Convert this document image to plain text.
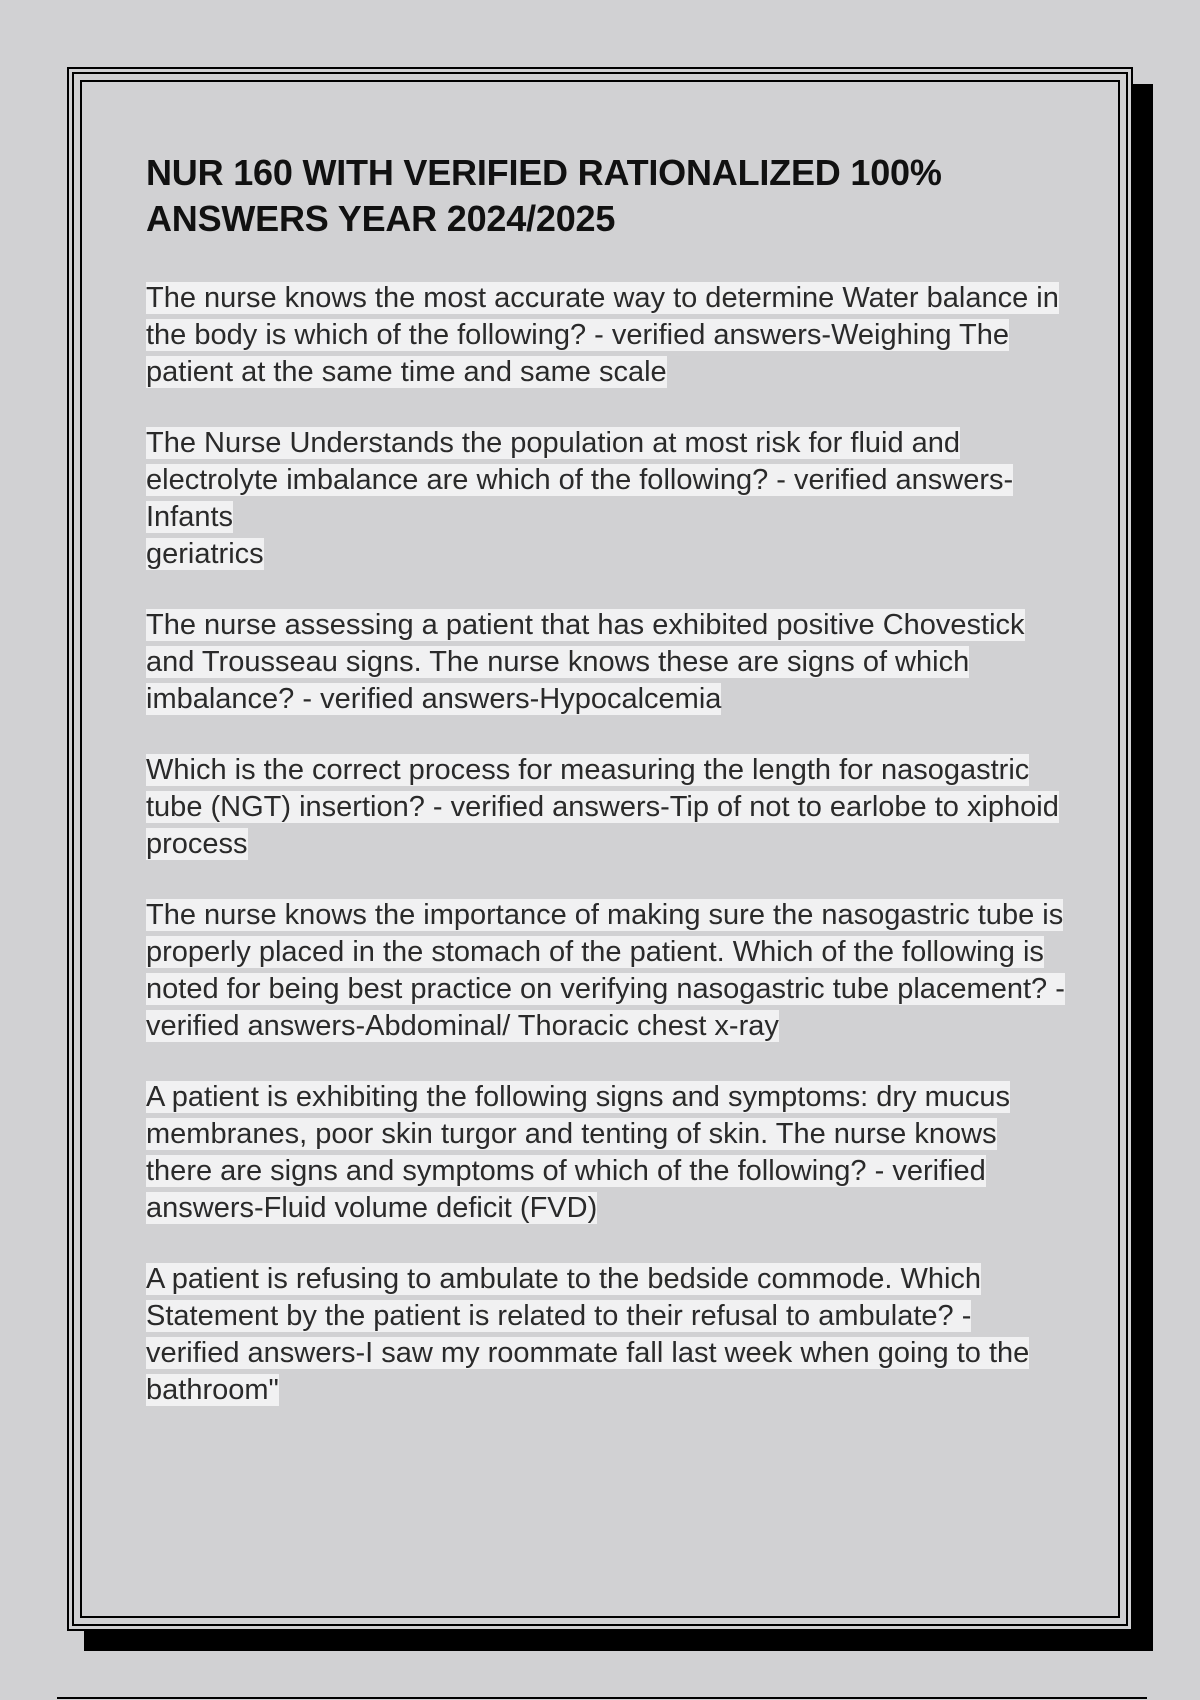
NUR 160 WITH VERIFIED RATIONALIZED 100% ANSWERS YEAR 2024/2025

The nurse knows the most accurate way to determine Water balance in the body is which of the following? - verified answers-Weighing The patient at the same time and same scale

The Nurse Understands the population at most risk for fluid and electrolyte imbalance are which of the following? - verified answers-Infants
geriatrics

The nurse assessing a patient that has exhibited positive Chovestick and Trousseau signs. The nurse knows these are signs of which imbalance? - verified answers-Hypocalcemia

Which is the correct process for measuring the length for nasogastric tube (NGT) insertion? - verified answers-Tip of not to earlobe to xiphoid process

The nurse knows the importance of making sure the nasogastric tube is properly placed in the stomach of the patient. Which of the following is noted for being best practice on verifying nasogastric tube placement? - verified answers-Abdominal/ Thoracic chest x-ray

A patient is exhibiting the following signs and symptoms: dry mucus membranes, poor skin turgor and tenting of skin. The nurse knows there are signs and symptoms of which of the following? - verified answers-Fluid volume deficit (FVD)

A patient is refusing to ambulate to the bedside commode. Which Statement by the patient is related to their refusal to ambulate? - verified answers-I saw my roommate fall last week when going to the bathroom"
